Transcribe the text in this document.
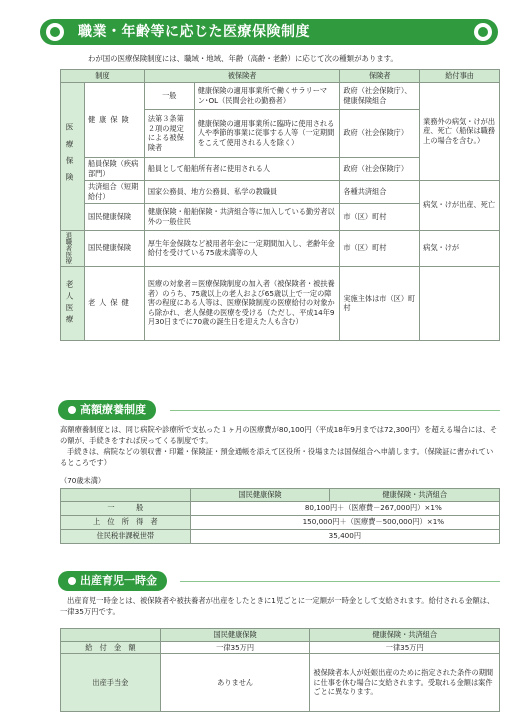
職業・年齢等に応じた医療保険制度
わが国の医療保険制度には、職域・地域、年齢（高齢・老齢）に応じて次の種類があります。
制度		被保険者		保険者	給付事由

医療保険	健康保険	一般	健康保険の適用事業所で働くサラリーマン･OL（民間会社の勤務者）	政府（社会保険庁）、健康保険組合	業務外の病気・けが出産、死亡（船保は職務上の場合を含む。）
		法第３条第２項の規定による被保険者	健康保険の適用事業所に臨時に使用される人や季節的事業に従事する人等（一定期間をこえて使用される人を除く）	政府（社会保険庁）	
	船員保険（疾病部門）	船員として船舶所有者に使用される人		政府（社会保険庁）	
	共済組合（短期給付）	国家公務員、地方公務員、私学の教職員		各種共済組合	病気・けが出産、死亡
	国民健康保険	健康保険・船舶保険・共済組合等に加入している勤労者以外の一般住民		市（区）町村	

退職者医療	国民健康保険	厚生年金保険など被用者年金に一定期間加入し、老齢年金給付を受けている75歳未満等の人		市（区）町村	病気・けが

老人医療	老人保健	医療の対象者＝医療保険制度の加入者（被保険者・被扶養者）のうち、75歳以上の老人および65歳以上で一定の障害の程度にある人等は、医療保険制度の医療給付の対象から除かれ、老人保健の医療を受ける（ただし、平成14年9月30日までに70歳の誕生日を迎えた人も含む）		実施主体は市（区）町村	
高額療養制度
高額療養制度とは、同じ病院や診療所で支払った１ヶ月の医療費が80,100円（平成18年9月までは72,300円）を超える場合には、その額が、手続きをすれば戻ってくる制度です。
手続きは、病院などの領収書・印鑑・保険証・預金通帳を添えて区役所・役場または国保組合へ申請します。（保険証に書かれているところです）
（70歳未満）
	国民健康保険	健康保険・共済組合
一　　　般	80,100円＋（医療費－267,000円）×1%	
上　位　所　得　者	150,000円＋（医療費－500,000円）×1%	
住民税非課税世帯	35,400円	
出産育児一時金
出産育児一時金とは、被保険者や被扶養者が出産をしたときに1児ごとに一定額が一時金として支給されます。給付される金額は、一律35万円です。
	国民健康保険	健康保険・共済組合
給　付　金　額	一律35万円	一律35万円
出産手当金	ありません	被保険者本人が妊娠出産のために指定された条件の期間に仕事を休む場合に支給されます。受取れる金額は案件ごとに異なります。
